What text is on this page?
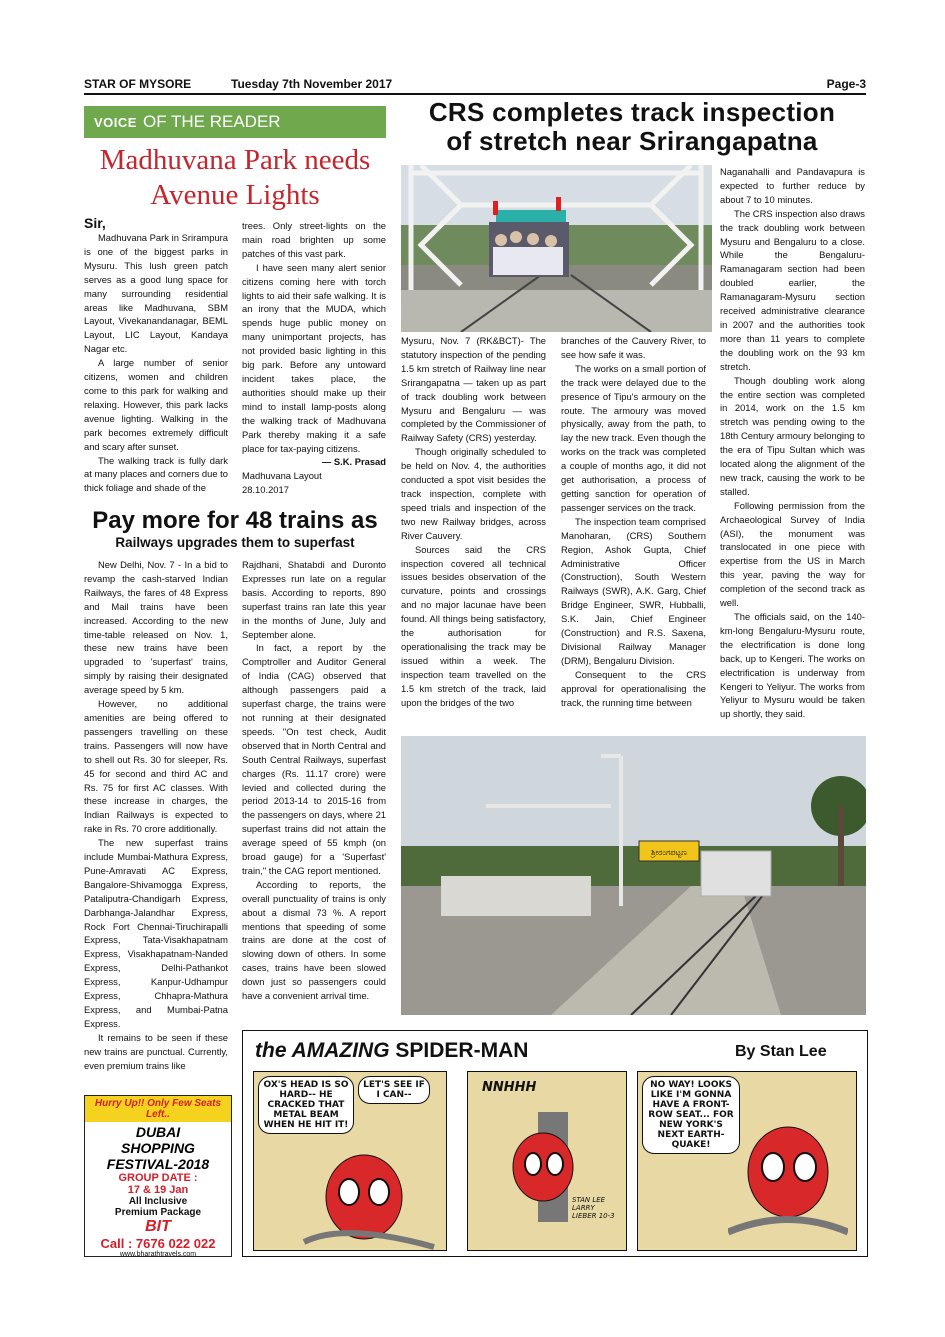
STAR OF MYSORE	Tuesday 7th November 2017	Page-3
VOICE OF THE READER
Madhuvana Park needs Avenue Lights

Sir,

Madhuvana Park in Srirampura is one of the biggest parks in Mysuru. This lush green patch serves as a good lung space for many surrounding residential areas like Madhuvana, SBM Layout, Vivekanandanagar, BEML Layout, LIC Layout, Kandaya Nagar etc.

A large number of senior citizens, women and children come to this park for walking and relaxing. However, this park lacks avenue lighting. Walking in the park becomes extremely difficult and scary after sunset.

The walking track is fully dark at many places and corners due to thick foliage and shade of the

trees. Only street-lights on the main road brighten up some patches of this vast park.

I have seen many alert senior citizens coming here with torch lights to aid their safe walking. It is an irony that the MUDA, which spends huge public money on many unimportant projects, has not provided basic lighting in this big park. Before any untoward incident takes place, the authorities should make up their mind to install lamp-posts along the walking track of Madhuvana Park thereby making it a safe place for tax-paying citizens.

— S.K. Prasad
Madhuvana Layout
28.10.2017
CRS completes track inspection
of stretch near Srirangapatna

Mysuru, Nov. 7 (RK&BCT)- The statutory inspection of the pending 1.5 km stretch of Railway line near Srirangapatna — taken up as part of track doubling work between Mysuru and Bengaluru — was completed by the Commissioner of Railway Safety (CRS) yesterday.

Though originally scheduled to be held on Nov. 4, the authorities conducted a spot visit besides the track inspection, complete with speed trials and inspection of the two new Railway bridges, across River Cauvery.

Sources said the CRS inspection covered all technical issues besides observation of the curvature, points and crossings and no major lacunae have been found. All things being satisfactory, the authorisation for operationalising the track may be issued within a week. The inspection team travelled on the 1.5 km stretch of the track, laid upon the bridges of the two

branches of the Cauvery River, to see how safe it was.

The works on a small portion of the track were delayed due to the presence of Tipu's armoury on the route. The armoury was moved physically, away from the path, to lay the new track. Even though the works on the track was completed a couple of months ago, it did not get authorisation, a process of getting sanction for operation of passenger services on the track.

The inspection team comprised Manoharan, (CRS) Southern Region, Ashok Gupta, Chief Administrative Officer (Construction), South Western Railways (SWR), A.K. Garg, Chief Bridge Engineer, SWR, Hubballi, S.K. Jain, Chief Engineer (Construction) and R.S. Saxena, Divisional Railway Manager (DRM), Bengaluru Division.

Consequent to the CRS approval for operationalising the track, the running time between

Naganahalli and Pandavapura is expected to further reduce by about 7 to 10 minutes.

The CRS inspection also draws the track doubling work between Mysuru and Bengaluru to a close. While the Bengaluru-Ramanagaram section had been doubled earlier, the Ramanagaram-Mysuru section received administrative clearance in 2007 and the authorities took more than 11 years to complete the doubling work on the 93 km stretch.

Though doubling work along the entire section was completed in 2014, work on the 1.5 km stretch was pending owing to the 18th Century armoury belonging to the era of Tipu Sultan which was located along the alignment of the new track, causing the work to be stalled.

Following permission from the Archaeological Survey of India (ASI), the monument was translocated in one piece with expertise from the US in March this year, paving the way for completion of the second track as well.

The officials said, on the 140-km-long Bengaluru-Mysuru route, the electrification is done long back, up to Kengeri. The works on electrification is underway from Kengeri to Yeliyur. The works from Yeliyur to Mysuru would be taken up shortly, they said.

ಶ್ರೀರಂಗಪಟ್ಟಣ
Pay more for 48 trains as
Railways upgrades them to superfast

New Delhi, Nov. 7 - In a bid to revamp the cash-starved Indian Railways, the fares of 48 Express and Mail trains have been increased. According to the new time-table released on Nov. 1, these new trains have been upgraded to 'superfast' trains, simply by raising their designated average speed by 5 km.

However, no additional amenities are being offered to passengers travelling on these trains. Passengers will now have to shell out Rs. 30 for sleeper, Rs. 45 for second and third AC and Rs. 75 for first AC classes. With these increase in charges, the Indian Railways is expected to rake in Rs. 70 crore additionally.

The new superfast trains include Mumbai-Mathura Express, Pune-Amravati AC Express, Bangalore-Shivamogga Express, Pataliputra-Chandigarh Express, Darbhanga-Jalandhar Express, Rock Fort Chennai-Tiruchirapalli Express, Tata-Visakhapatnam Express, Visakhapatnam-Nanded Express, Delhi-Pathankot Express, Kanpur-Udhampur Express, Chhapra-Mathura Express, and Mumbai-Patna Express.

It remains to be seen if these new trains are punctual. Currently, even premium trains like

Rajdhani, Shatabdi and Duronto Expresses run late on a regular basis. According to reports, 890 superfast trains ran late this year in the months of June, July and September alone.

In fact, a report by the Comptroller and Auditor General of India (CAG) observed that although passengers paid a superfast charge, the trains were not running at their designated speeds. "On test check, Audit observed that in North Central and South Central Railways, superfast charges (Rs. 11.17 crore) were levied and collected during the period 2013-14 to 2015-16 from the passengers on days, where 21 superfast trains did not attain the average speed of 55 kmph (on broad gauge) for a 'Superfast' train," the CAG report mentioned.

According to reports, the overall punctuality of trains is only about a dismal 73 %. A report mentions that speeding of some trains are done at the cost of slowing down of others. In some cases, trains have been slowed down just so passengers could have a convenient arrival time.

Hurry Up!! Only Few Seats Left..
DUBAI
SHOPPING
FESTIVAL-2018
GROUP DATE :
17 & 19 Jan
All Inclusive
Premium Package
BIT
Call : 7676 022 022
www.bharathtravels.com
the AMAZING SPIDER-MAN	By Stan Lee
OX'S HEAD IS SO HARD-- HE CRACKED THAT METAL BEAM WHEN HE HIT IT!
LET'S SEE IF I CAN--	NNHHH
STAN LEE LARRY LIEBER 10-3
NO WAY! LOOKS LIKE I'M GONNA HAVE A FRONT-ROW SEAT... FOR NEW YORK'S NEXT EARTH-QUAKE!
